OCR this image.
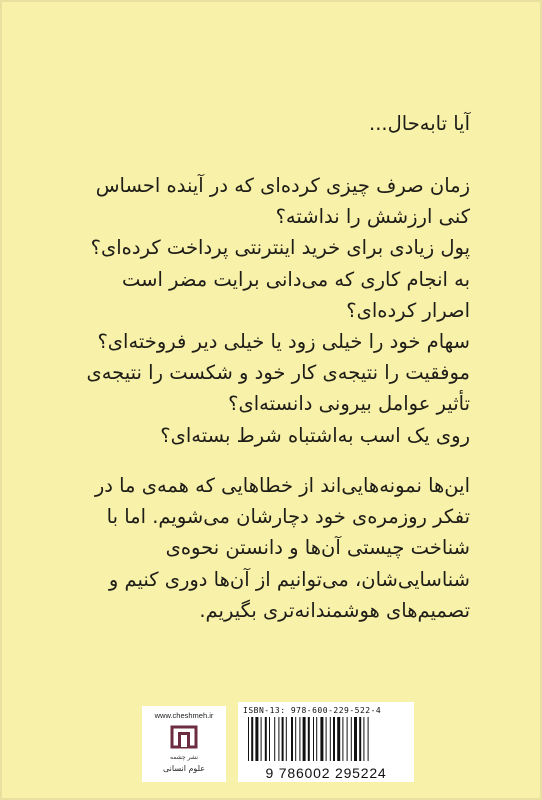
آیا تابه‌حال...
زمان صرف چیزی کرده‌ای که در آینده احساس
کنی ارزشش را نداشته؟
پول زیادی برای خرید اینترنتی پرداخت کرده‌ای؟
به انجام کاری که می‌دانی برایت مضر است
اصرار کرده‌ای؟
سهام خود را خیلی زود یا خیلی دیر فروخته‌ای؟
موفقیت را نتیجه‌ی کار خود و شکست را نتیجه‌ی
تأثیر عوامل بیرونی دانسته‌ای؟
روی یک اسب به‌اشتباه شرط بسته‌ای؟
این‌ها نمونه‌هایی‌اند از خطاهایی که همه‌ی ما در
تفکر روزمره‌ی خود دچارشان می‌شویم. اما با
شناخت چیستی آن‌ها و دانستن نحوه‌ی
شناسایی‌شان، می‌توانیم از آن‌ها دوری کنیم و
تصمیم‌های هوشمندانه‌تری بگیریم.
www.cheshmeh.ir
نشر چشمه
علوم انسانی
ISBN-13: 978-600-229-522-4
9 786002 295224
